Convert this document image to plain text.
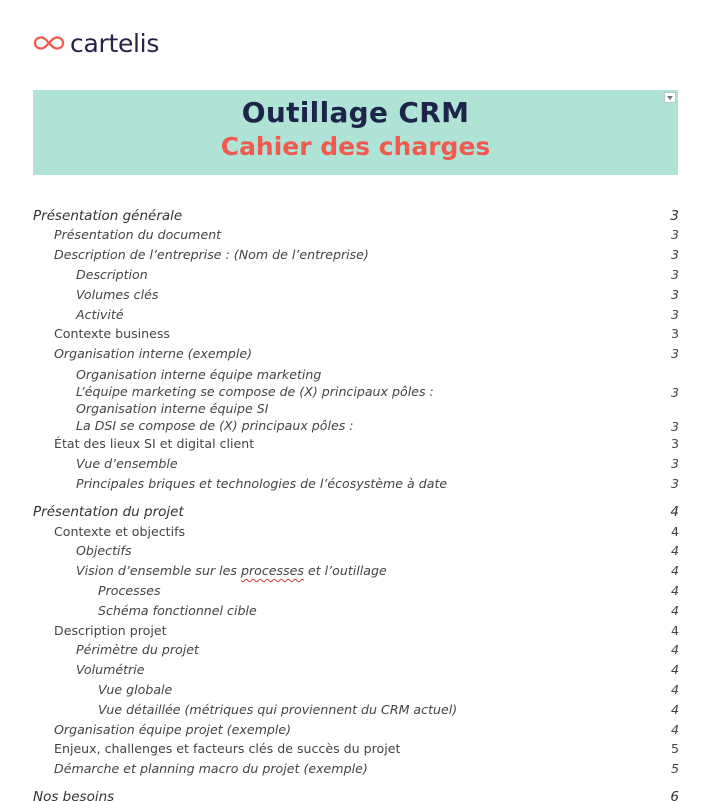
cartelis
Outillage CRM
Cahier des charges
Présentation générale	3
Présentation du document	3
Description de l’entreprise : (Nom de l’entreprise)	3
Description	3
Volumes clés	3
Activité	3
Contexte business	3
Organisation interne (exemple)	3
Organisation interne équipe marketing
L’équipe marketing se compose de (X) principaux pôles :	3
Organisation interne équipe SI
La DSI se compose de (X) principaux pôles :	3
État des lieux SI et digital client	3
Vue d’ensemble	3
Principales briques et technologies de l’écosystème à date	3
Présentation du projet	4
Contexte et objectifs	4
Objectifs	4
Vision d’ensemble sur les processes et l’outillage	4
Processes	4
Schéma fonctionnel cible	4
Description projet	4
Périmètre du projet	4
Volumétrie	4
Vue globale	4
Vue détaillée (métriques qui proviennent du CRM actuel)	4
Organisation équipe projet (exemple)	4
Enjeux, challenges et facteurs clés de succès du projet	5
Démarche et planning macro du projet (exemple)	5
Nos besoins	6
